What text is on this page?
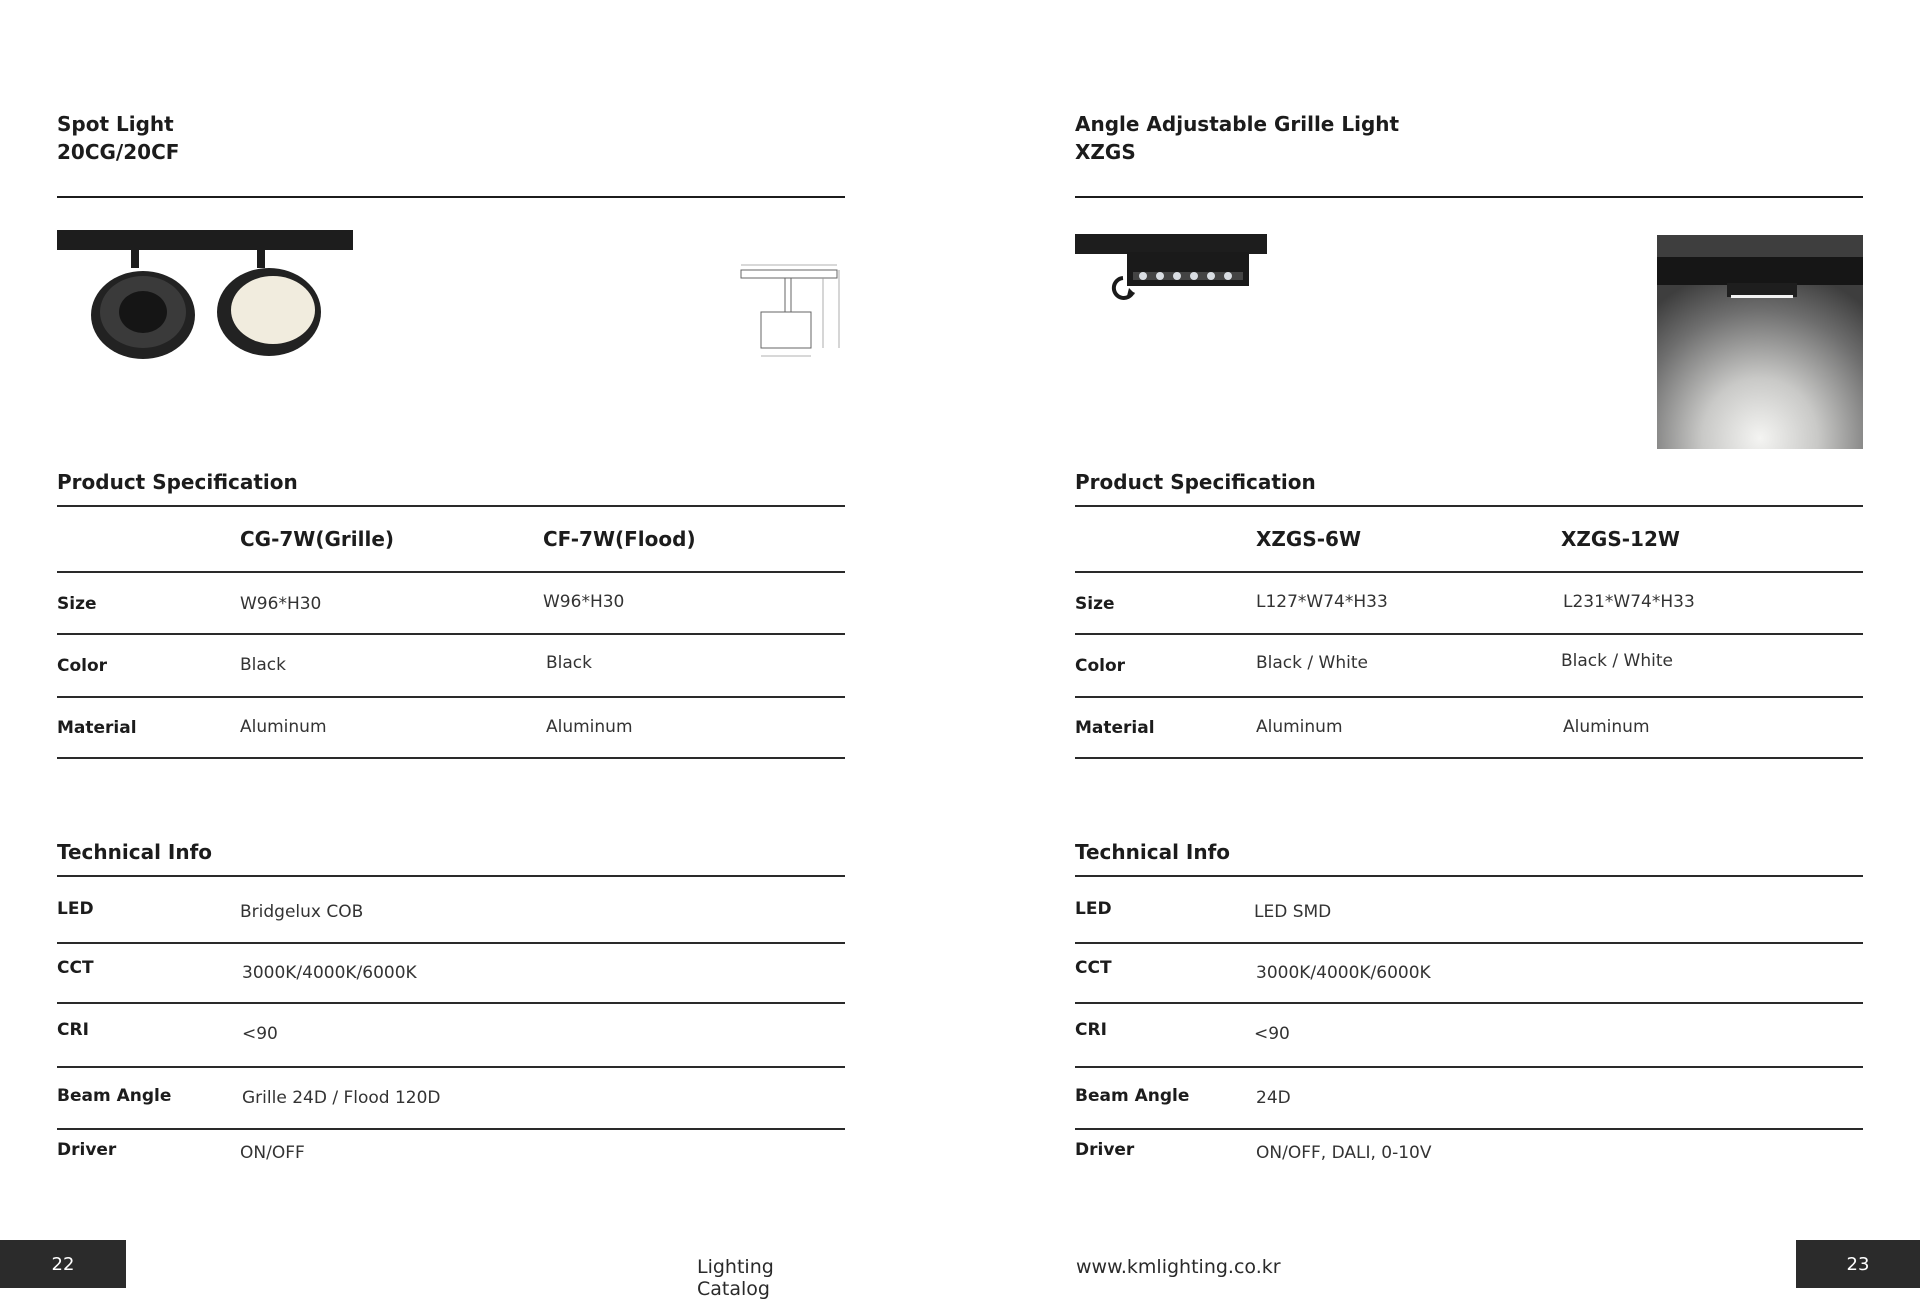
Spot Light
20CG/20CF
Product Specification
CG-7W(Grille)	CF-7W(Flood)
Size	W96*H30	W96*H30
Color	Black	Black
Material	Aluminum	Aluminum
Technical Info
LED	Bridgelux COB
CCT	3000K/4000K/6000K
CRI	<90
Beam Angle	Grille 24D / Flood 120D
Driver	ON/OFF
Lighting Catalog
22
Angle Adjustable Grille Light
XZGS
Product Specification
XZGS-6W	XZGS-12W
Size	L127*W74*H33	L231*W74*H33
Color	Black / White	Black / White
Material	Aluminum	Aluminum
Technical Info
LED	LED SMD
CCT	3000K/4000K/6000K
CRI	<90
Beam Angle	24D
Driver	ON/OFF, DALI, 0-10V
www.kmlighting.co.kr	23
